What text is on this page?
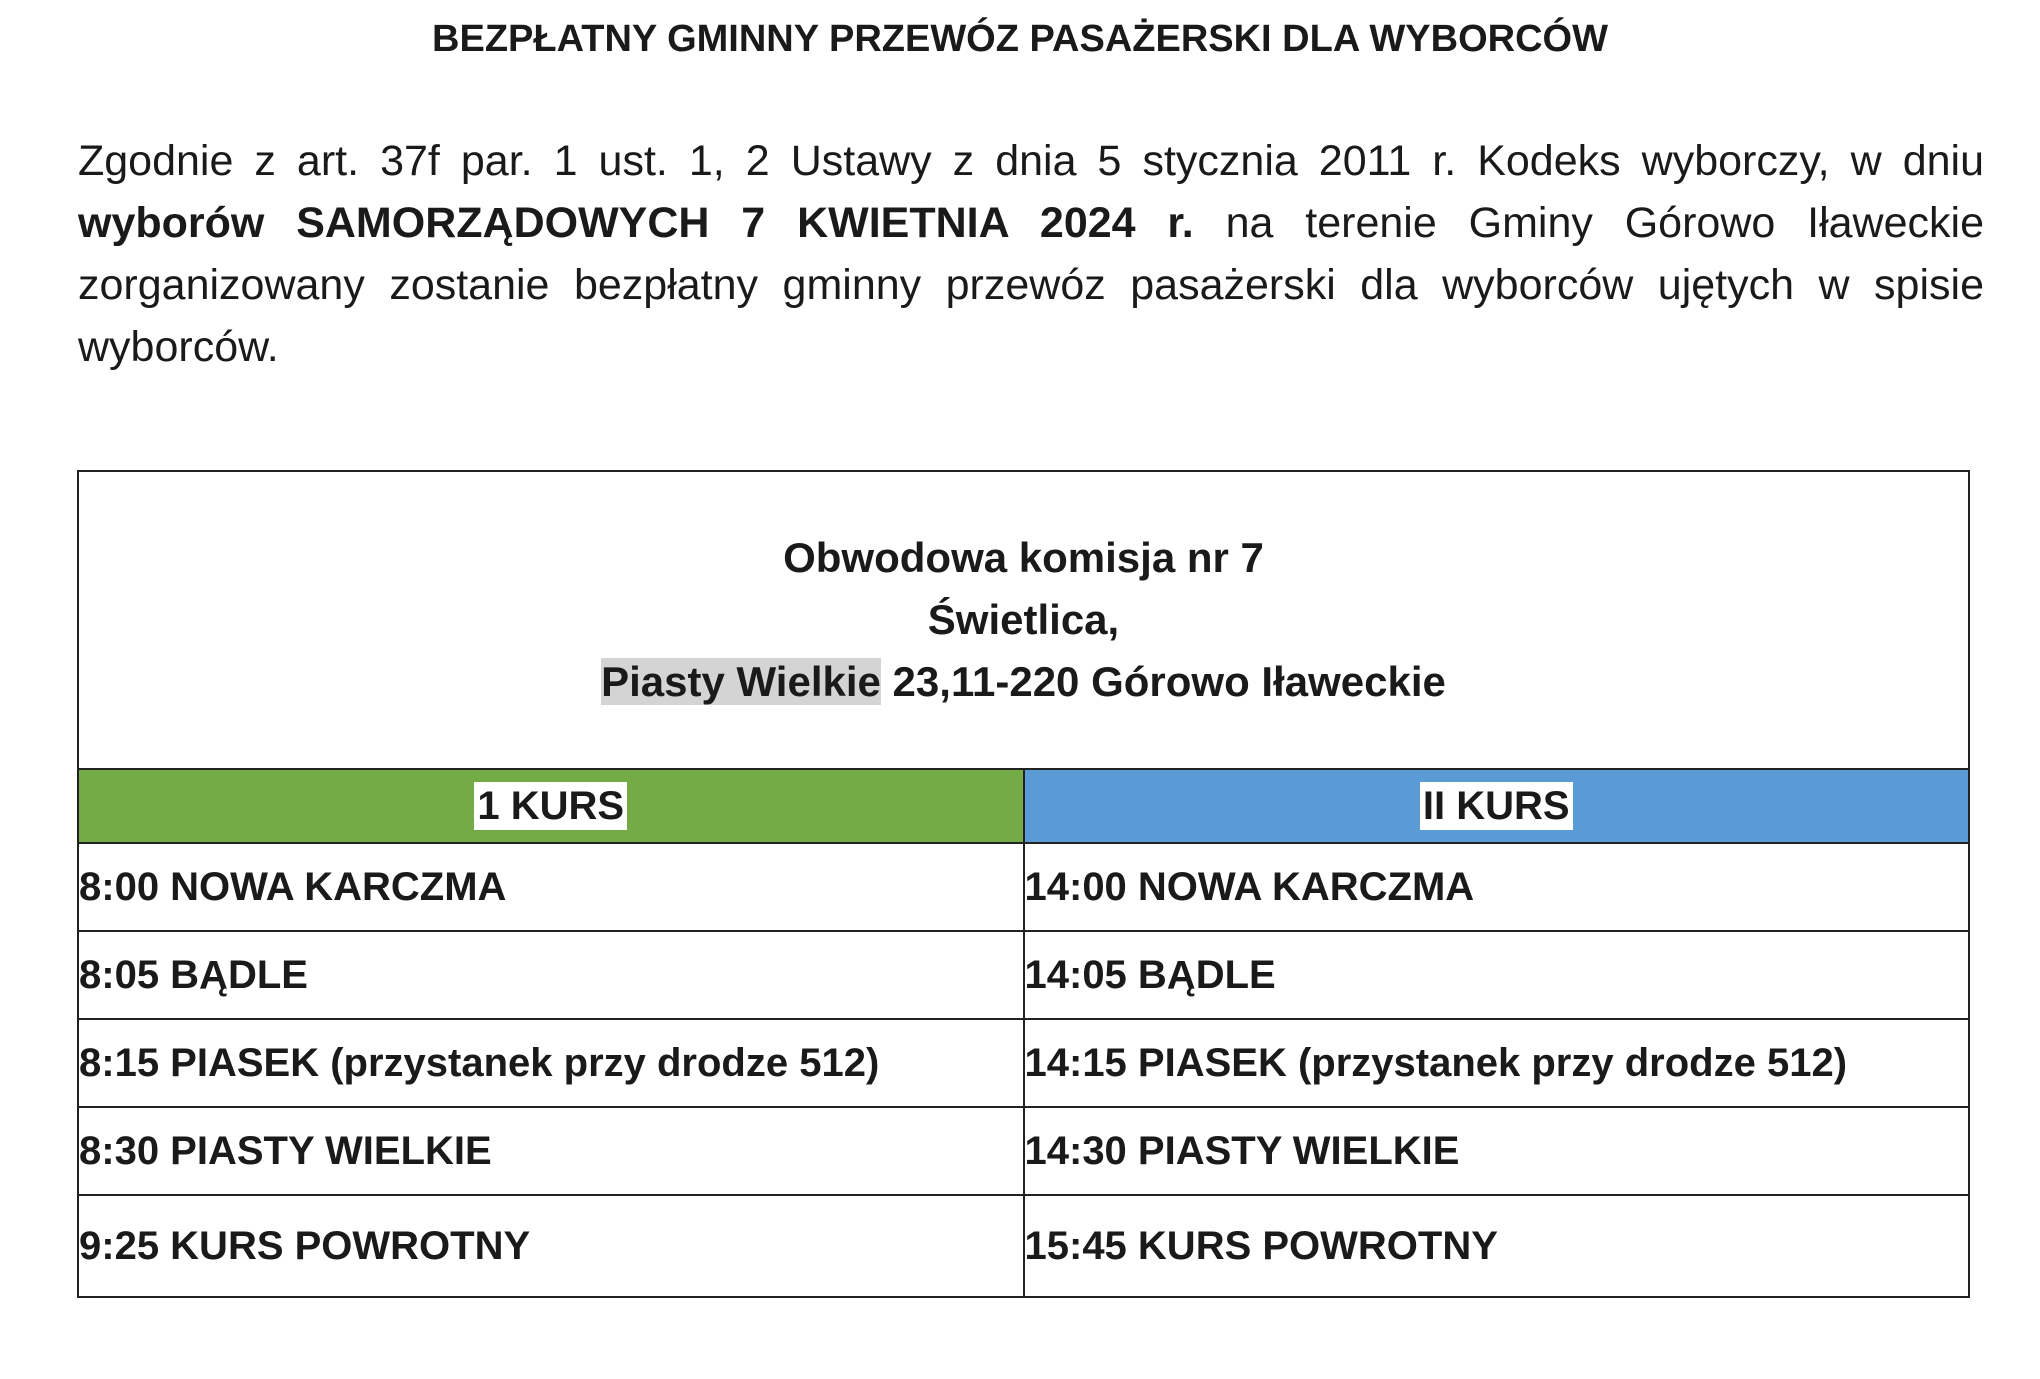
BEZPŁATNY GMINNY PRZEWÓZ PASAŻERSKI DLA WYBORCÓW
Zgodnie z art. 37f par. 1 ust. 1, 2 Ustawy z dnia 5 stycznia 2011 r. Kodeks wyborczy, w dniu wyborów SAMORZĄDOWYCH 7 KWIETNIA 2024 r. na terenie Gminy Górowo Iławeckie zorganizowany zostanie bezpłatny gminny przewóz pasażerski dla wyborców ujętych w spisie wyborców.
Obwodowa komisja nr 7
Świetlica,
Piasty Wielkie 23,11-220 Górowo Iławeckie	

1 KURS	II KURS
8:00 NOWA KARCZMA	14:00 NOWA KARCZMA
8:05 BĄDLE	14:05 BĄDLE
8:15 PIASEK (przystanek przy drodze 512)	14:15 PIASEK (przystanek przy drodze 512)
8:30 PIASTY WIELKIE	14:30 PIASTY WIELKIE
9:25 KURS POWROTNY	15:45 KURS POWROTNY
